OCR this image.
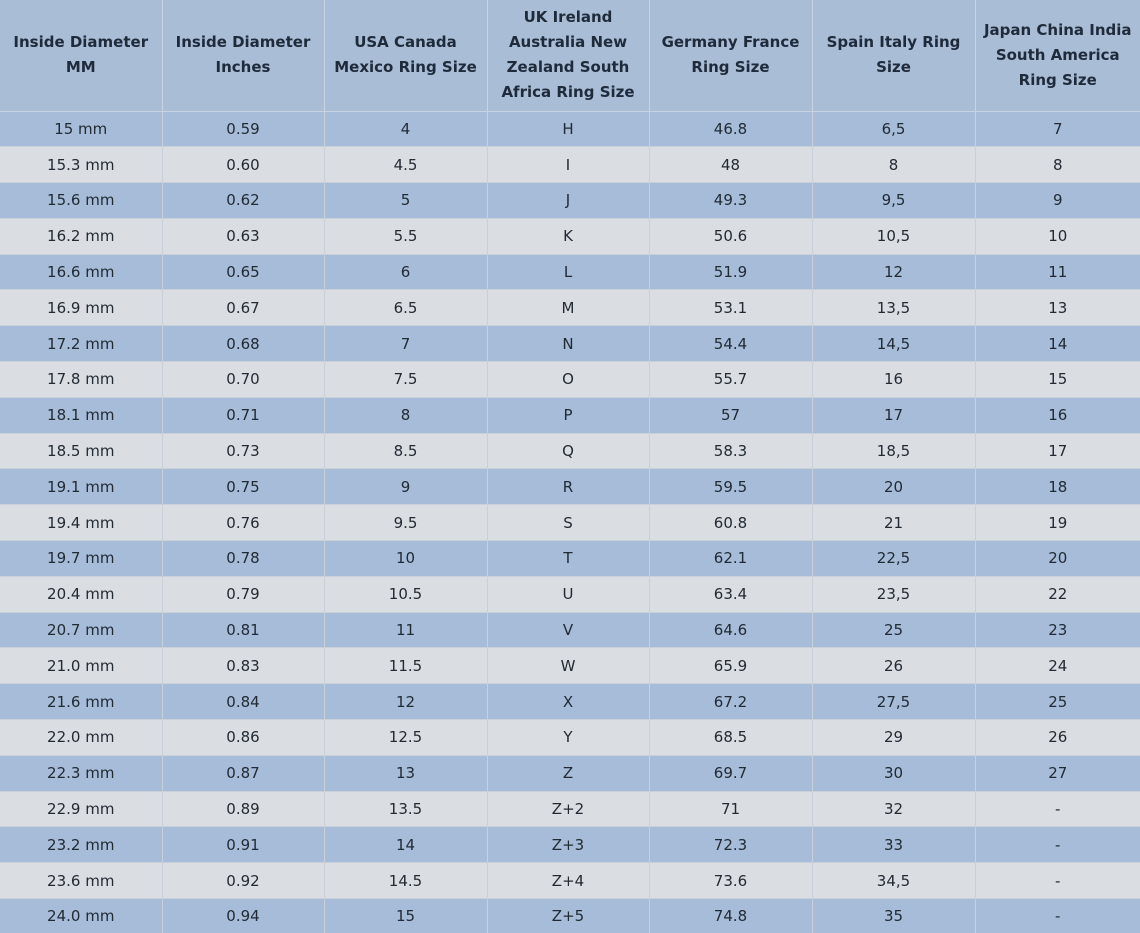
Inside Diameter MM	Inside Diameter Inches	USA Canada Mexico Ring Size	UK Ireland Australia New Zealand South Africa Ring Size	Germany France Ring Size	Spain Italy Ring Size	Japan China India South America Ring Size
15 mm	0.59	4	H	46.8	6,5	7
15.3 mm	0.60	4.5	I	48	8	8
15.6 mm	0.62	5	J	49.3	9,5	9
16.2 mm	0.63	5.5	K	50.6	10,5	10
16.6 mm	0.65	6	L	51.9	12	11
16.9 mm	0.67	6.5	M	53.1	13,5	13
17.2 mm	0.68	7	N	54.4	14,5	14
17.8 mm	0.70	7.5	O	55.7	16	15
18.1 mm	0.71	8	P	57	17	16
18.5 mm	0.73	8.5	Q	58.3	18,5	17
19.1 mm	0.75	9	R	59.5	20	18
19.4 mm	0.76	9.5	S	60.8	21	19
19.7 mm	0.78	10	T	62.1	22,5	20
20.4 mm	0.79	10.5	U	63.4	23,5	22
20.7 mm	0.81	11	V	64.6	25	23
21.0 mm	0.83	11.5	W	65.9	26	24
21.6 mm	0.84	12	X	67.2	27,5	25
22.0 mm	0.86	12.5	Y	68.5	29	26
22.3 mm	0.87	13	Z	69.7	30	27
22.9 mm	0.89	13.5	Z+2	71	32	-
23.2 mm	0.91	14	Z+3	72.3	33	-
23.6 mm	0.92	14.5	Z+4	73.6	34,5	-
24.0 mm	0.94	15	Z+5	74.8	35	-
